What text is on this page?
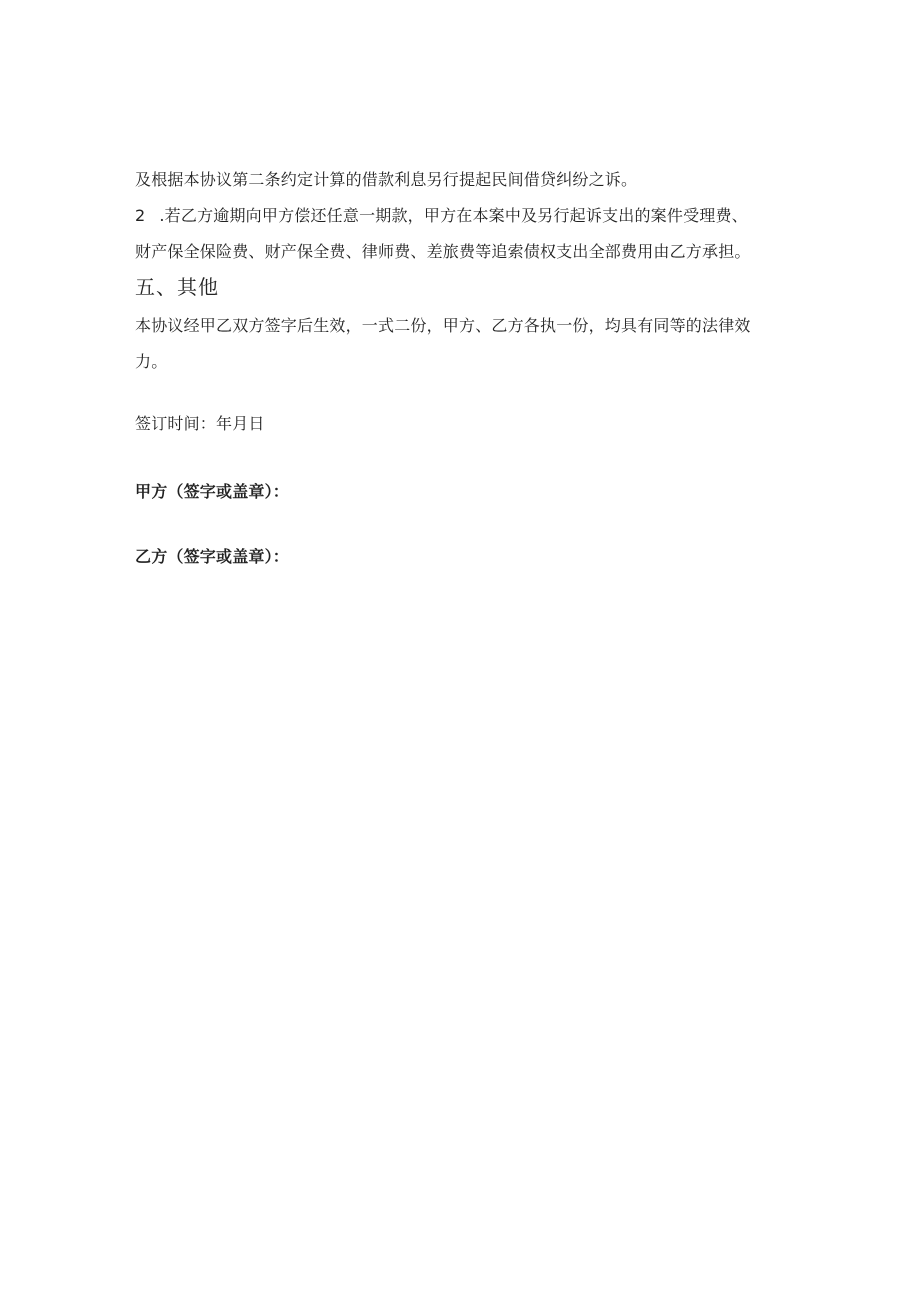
及根据本协议第二条约定计算的借款利息另行提起民间借贷纠纷之诉。
2 .若乙方逾期向甲方偿还任意一期款，甲方在本案中及另行起诉支出的案件受理费、
财产保全保险费、财产保全费、律师费、差旅费等追索债权支出全部费用由乙方承担。
五、其他
本协议经甲乙双方签字后生效，一式二份，甲方、乙方各执一份，均具有同等的法律效
力。
签订时间：年月日
甲方（签字或盖章）：
乙方（签字或盖章）：
